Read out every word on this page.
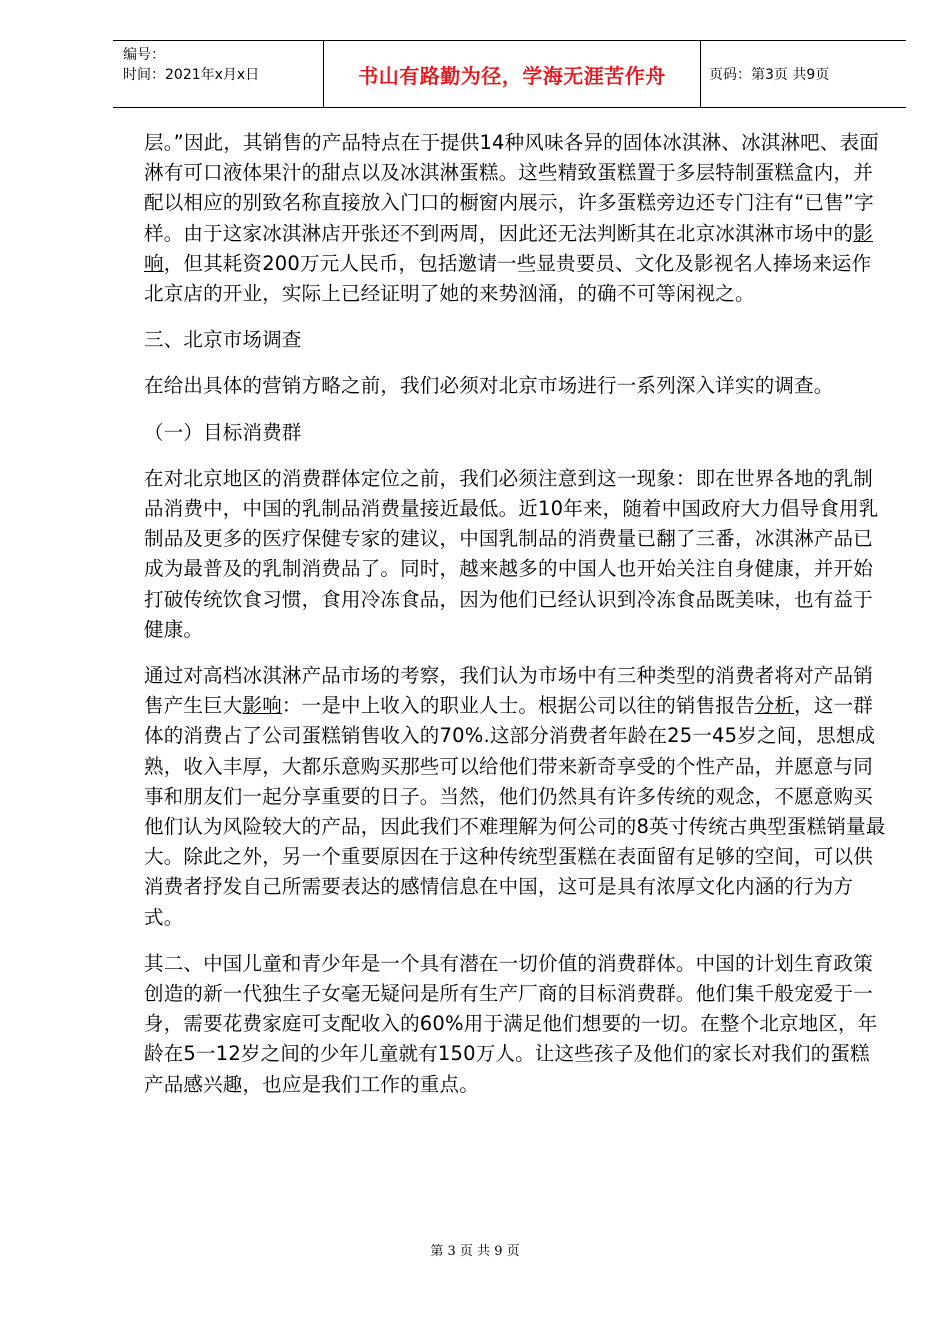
编号：
时间：2021年x月x日	书山有路勤为径，学海无涯苦作舟	页码：第3页 共9页

层。”因此，其销售的产品特点在于提供14种风味各异的固体冰淇淋、冰淇淋吧、表面淋有可口液体果汁的甜点以及冰淇淋蛋糕。这些精致蛋糕置于多层特制蛋糕盒内，并配以相应的别致名称直接放入门口的橱窗内展示，许多蛋糕旁边还专门注有“已售”字样。由于这家冰淇淋店开张还不到两周，因此还无法判断其在北京冰淇淋市场中的影响，但其耗资200万元人民币，包括邀请一些显贵要员、文化及影视名人捧场来运作北京店的开业，实际上已经证明了她的来势汹涌，的确不可等闲视之。

三、北京市场调查

在给出具体的营销方略之前，我们必须对北京市场进行一系列深入详实的调查。

（一）目标消费群

在对北京地区的消费群体定位之前，我们必须注意到这一现象：即在世界各地的乳制品消费中，中国的乳制品消费量接近最低。近10年来，随着中国政府大力倡导食用乳制品及更多的医疗保健专家的建议，中国乳制品的消费量已翻了三番，冰淇淋产品已成为最普及的乳制消费品了。同时，越来越多的中国人也开始关注自身健康，并开始打破传统饮食习惯，食用冷冻食品，因为他们已经认识到冷冻食品既美味，也有益于健康。

通过对高档冰淇淋产品市场的考察，我们认为市场中有三种类型的消费者将对产品销售产生巨大影响：一是中上收入的职业人士。根据公司以往的销售报告分析，这一群体的消费占了公司蛋糕销售收入的70%.这部分消费者年龄在25一45岁之间，思想成熟，收入丰厚，大都乐意购买那些可以给他们带来新奇享受的个性产品，并愿意与同事和朋友们一起分享重要的日子。当然，他们仍然具有许多传统的观念，不愿意购买他们认为风险较大的产品，因此我们不难理解为何公司的8英寸传统古典型蛋糕销量最大。除此之外，另一个重要原因在于这种传统型蛋糕在表面留有足够的空间，可以供消费者抒发自己所需要表达的感情信息在中国，这可是具有浓厚文化内涵的行为方式。

其二、中国儿童和青少年是一个具有潜在一切价值的消费群体。中国的计划生育政策创造的新一代独生子女毫无疑问是所有生产厂商的目标消费群。他们集千般宠爱于一身，需要花费家庭可支配收入的60%用于满足他们想要的一切。在整个北京地区，年龄在5一12岁之间的少年儿童就有150万人。让这些孩子及他们的家长对我们的蛋糕产品感兴趣，也应是我们工作的重点。

第 3 页 共 9 页
